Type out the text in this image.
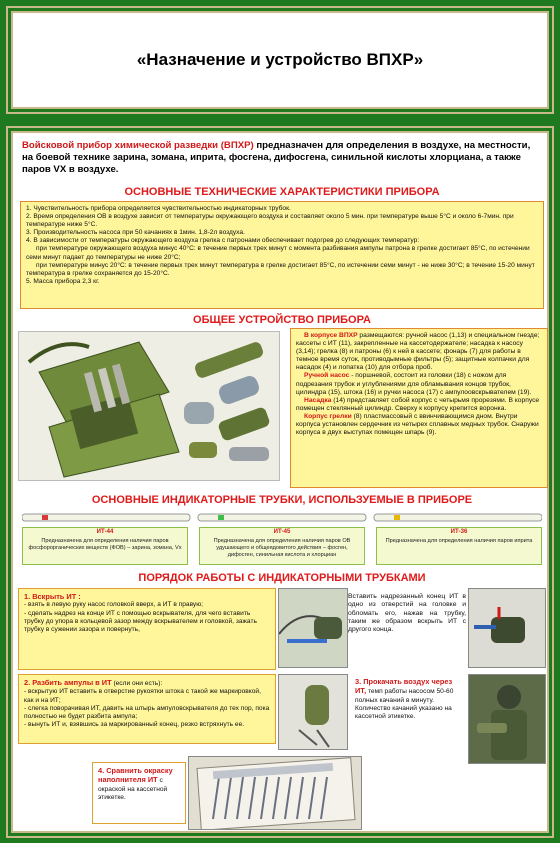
«Назначение и устройство ВПХР»
Войсковой прибор химической разведки (ВПХР) предназначен для определения в воздухе, на местности, на боевой технике зарина, зомана, иприта, фосгена, дифосгена, синильной кислоты хлорциана, а также паров VX в воздухе.
ОСНОВНЫЕ ТЕХНИЧЕСКИЕ ХАРАКТЕРИСТИКИ ПРИБОРА

1. Чувствительность прибора определяется чувствительностью индикаторных трубок.

2. Время определения ОВ в воздухе зависит от температуры окружающего воздуха и составляет около 5 мин. при температуре выше 5°С и около 6-7мин. при температуре ниже 5°С.

3. Производительность насоса при 50 качаниях в 1мин. 1,8-2л воздуха.

4. В зависимости от температуры окружающего воздуха грелка с патронами обеспечивает подогрев до следующих температур:

при температуре окружающего воздуха минус 40°С: в течение первых трех минут с момента разбивания ампулы патрона в грелке достигает 85°С, по истечении семи минут падает до температуры не ниже 20°С;

при температуре минус 20°С: в течение первых трех минут температура в грелке достигает 85°С, по истечении семи минут - не ниже 30°С; в течение 15-20 минут температура в грелке сохраняется до 15-20°С.

5. Масса прибора 2,3 кг.

ОБЩЕЕ УСТРОЙСТВО ПРИБОРА

В корпусе ВПХР размещаются: ручной насос (1,13) и специальном гнезде; кассеты с ИТ (11), закрепленные на кассетодержателе; насадка к насосу (3,14); грелка (8) и патроны (6) к ней в кассете; фонарь (7) для работы в темное время суток, противодымные фильтры (5); защитные колпачки для насадок (4) и лопатка (10) для отбора проб.

Ручной насос - поршневой, состоит из головки (18) с ножом для подрезания трубок и углублениями для обламывания концов трубок, цилиндра (15), штока (16) и ручки насоса (17) с ампулоовскрывателем (19).

Насадка (14) представляет собой корпус с четырьмя прорезями. В корпусе помещен стеклянный цилиндр. Сверху к корпусу крепится воронка.

Корпус грелки (8) пластмассовый с ввинчивающимся дном. Внутри корпуса установлен сердечник из четырех сплавных медных трубок. Снаружи корпуса в двух выступах помещен шпарь (9).

ОСНОВНЫЕ ИНДИКАТОРНЫЕ ТРУБКИ, ИСПОЛЬЗУЕМЫЕ В ПРИБОРЕ
ИТ-44
Предназначена для определения наличия паров фосфорорганических веществ (ФОВ) – зарина, зомана, Vx
ИТ-45
Предназначена для определения наличия паров ОВ удушающего и общеядовитого действия – фосген, дифосген, синильная кислота и хлорциан
ИТ-36
Предназначена для определения наличия паров иприта
ПОРЯДОК РАБОТЫ С ИНДИКАТОРНЫМИ ТРУБКАМИ
1. Вскрыть ИТ :

- взять в левую руку насос головкой вверх, а ИТ в правую;

- сделать надрез на конце ИТ с помощью вскрывателя, для чего вставить трубку до упора в кольцевой зазор между вскрывателем и головкой, зажать трубку в сужении зазора и повернуть,

Вставить надрезанный конец ИТ в одно из отверстий на головке и обломать его, нажав на трубку, таким же образом вскрыть ИТ с другого конца.
2. Разбить ампулы в ИТ (если они есть):

- вскрытую ИТ вставить в отверстие рукоятки штока с такой же маркировкой, как и на ИТ;

- слегка поворачивая ИТ, давить на штырь ампуловскрывателя до тех пор, пока полностью не будет разбита ампула;

- вынуть ИТ и, взявшись за маркированный конец, резко встряхнуть ее.

3. Прокачать воздух через ИТ, темп работы насосом 50-60 полных качаний в минуту. Количество качаний указано на кассетной этикетке.
4. Сравнить окраску наполнителя ИТ с окраской на кассетной этикетке.
